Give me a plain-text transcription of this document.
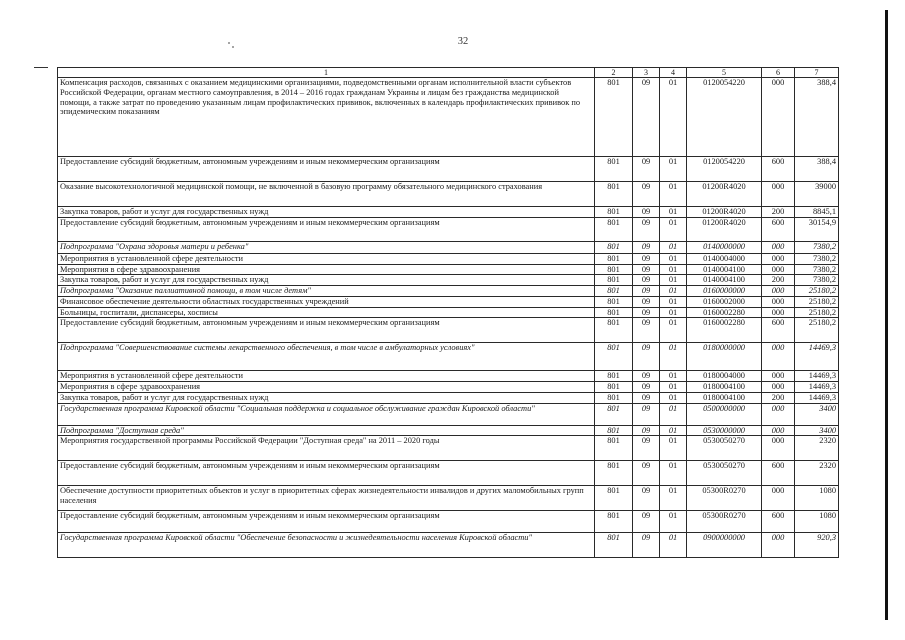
32
1	2	3	4	5	6	7
Компенсация расходов, связанных с оказанием медицинскими организациями, подведомственными органам исполнительной власти субъектов Российской Федерации, органам местного самоуправления, в 2014 – 2016 годах гражданам Украины и лицам без гражданства медицинской помощи, а также затрат по проведению указанным лицам профилактических прививок, включенных в календарь профилактических прививок по эпидемическим показаниям	801	09	01	0120054220	000	388,4
Предоставление субсидий бюджетным, автономным учреждениям и иным некоммерческим организациям	801	09	01	0120054220	600	388,4
Оказание высокотехнологичной медицинской помощи, не включенной в базовую программу обязательного медицинского страхования	801	09	01	01200R4020	000	39000
Закупка товаров, работ и услуг для государственных нужд	801	09	01	01200R4020	200	8845,1
Предоставление субсидий бюджетным, автономным учреждениям и иным некоммерческим организациям	801	09	01	01200R4020	600	30154,9
Подпрограмма "Охрана здоровья матери и ребенка"	801	09	01	0140000000	000	7380,2
Мероприятия в установленной сфере деятельности	801	09	01	0140004000	000	7380,2
Мероприятия в сфере здравоохранения	801	09	01	0140004100	000	7380,2
Закупка товаров, работ и услуг для государственных нужд	801	09	01	0140004100	200	7380,2
Подпрограмма "Оказание паллиативной помощи, в том числе детям"	801	09	01	0160000000	000	25180,2
Финансовое обеспечение деятельности областных государственных учреждений	801	09	01	0160002000	000	25180,2
Больницы, госпитали, диспансеры, хосписы	801	09	01	0160002280	000	25180,2
Предоставление субсидий бюджетным, автономным учреждениям и иным некоммерческим организациям	801	09	01	0160002280	600	25180,2
Подпрограмма "Совершенствование системы лекарственного обеспечения, в том числе в амбулаторных условиях"	801	09	01	0180000000	000	14469,3
Мероприятия в установленной сфере деятельности	801	09	01	0180004000	000	14469,3
Мероприятия в сфере здравоохранения	801	09	01	0180004100	000	14469,3
Закупка товаров, работ и услуг для государственных нужд	801	09	01	0180004100	200	14469,3
Государственная программа Кировской области "Социальная поддержка и социальное обслуживание граждан Кировской области"	801	09	01	0500000000	000	3400
Подпрограмма "Доступная среда"	801	09	01	0530000000	000	3400
Мероприятия государственной программы Российской Федерации "Доступная среда" на 2011 – 2020 годы	801	09	01	0530050270	000	2320
Предоставление субсидий бюджетным, автономным учреждениям и иным некоммерческим организациям	801	09	01	0530050270	600	2320
Обеспечение доступности приоритетных объектов и услуг в приоритетных сферах жизнедеятельности инвалидов и других маломобильных групп населения	801	09	01	05300R0270	000	1080
Предоставление субсидий бюджетным, автономным учреждениям и иным некоммерческим организациям	801	09	01	05300R0270	600	1080
Государственная программа Кировской области "Обеспечение безопасности и жизнедеятельности населения Кировской области"	801	09	01	0900000000	000	920,3
